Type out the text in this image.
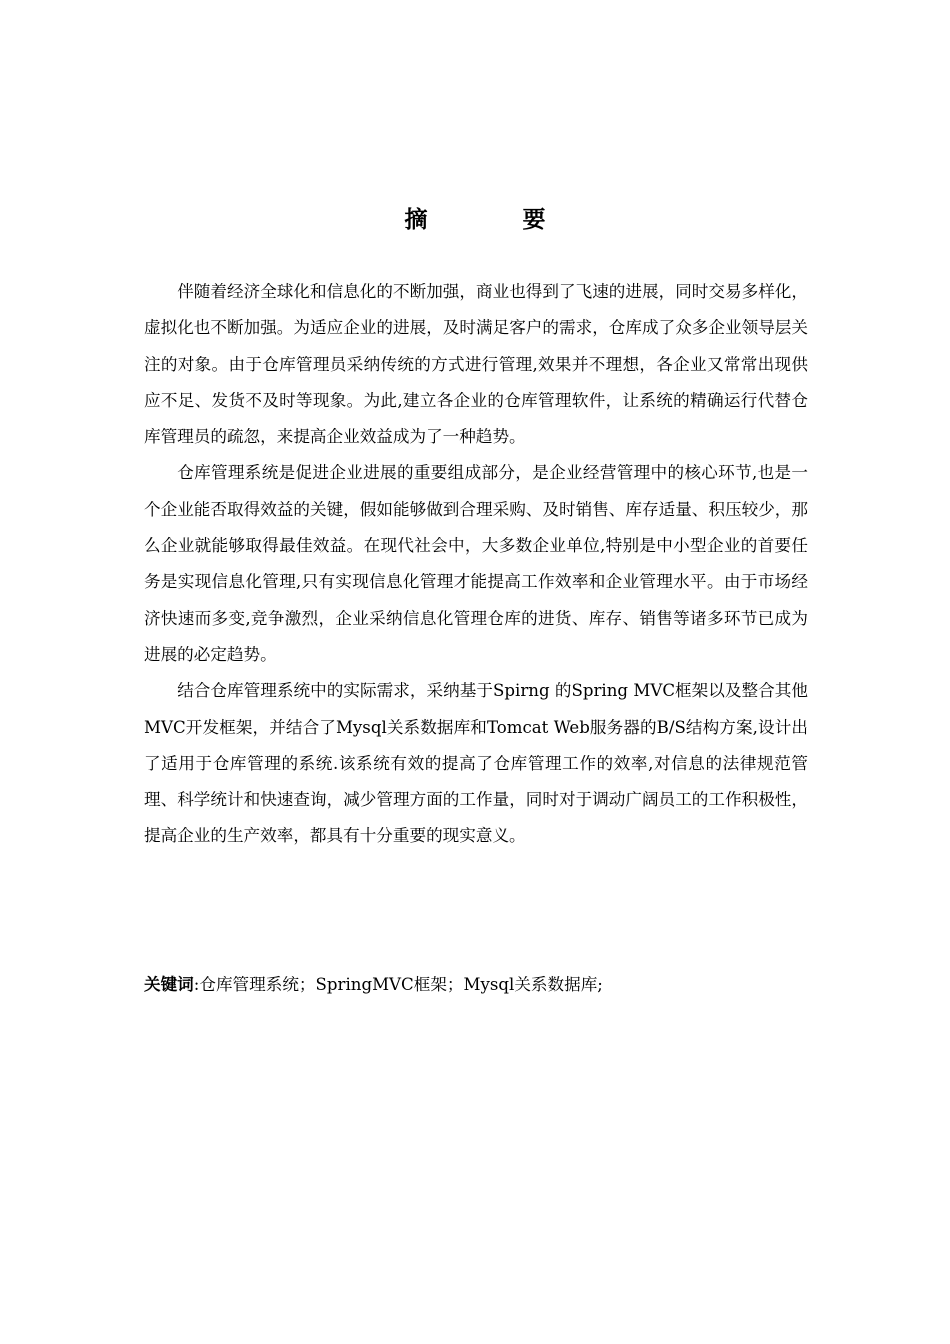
摘　要

伴随着经济全球化和信息化的不断加强，商业也得到了飞速的进展，同时交易多样化，虚拟化也不断加强。为适应企业的进展，及时满足客户的需求，仓库成了众多企业领导层关注的对象。由于仓库管理员采纳传统的方式进行管理,效果并不理想，各企业又常常出现供应不足、发货不及时等现象。为此,建立各企业的仓库管理软件，让系统的精确运行代替仓库管理员的疏忽，来提高企业效益成为了一种趋势。

仓库管理系统是促进企业进展的重要组成部分，是企业经营管理中的核心环节,也是一个企业能否取得效益的关键，假如能够做到合理采购、及时销售、库存适量、积压较少，那么企业就能够取得最佳效益。在现代社会中，大多数企业单位,特别是中小型企业的首要任务是实现信息化管理,只有实现信息化管理才能提高工作效率和企业管理水平。由于市场经济快速而多变,竞争激烈，企业采纳信息化管理仓库的进货、库存、销售等诸多环节已成为进展的必定趋势。

结合仓库管理系统中的实际需求，采纳基于Spirng 的Spring MVC框架以及整合其他MVC开发框架，并结合了Mysql关系数据库和Tomcat Web服务器的B/S结构方案,设计出了适用于仓库管理的系统.该系统有效的提高了仓库管理工作的效率,对信息的法律规范管理、科学统计和快速查询，减少管理方面的工作量，同时对于调动广阔员工的工作积极性，提高企业的生产效率，都具有十分重要的现实意义。

关键词:仓库管理系统；SpringMVC框架；Mysql关系数据库;
